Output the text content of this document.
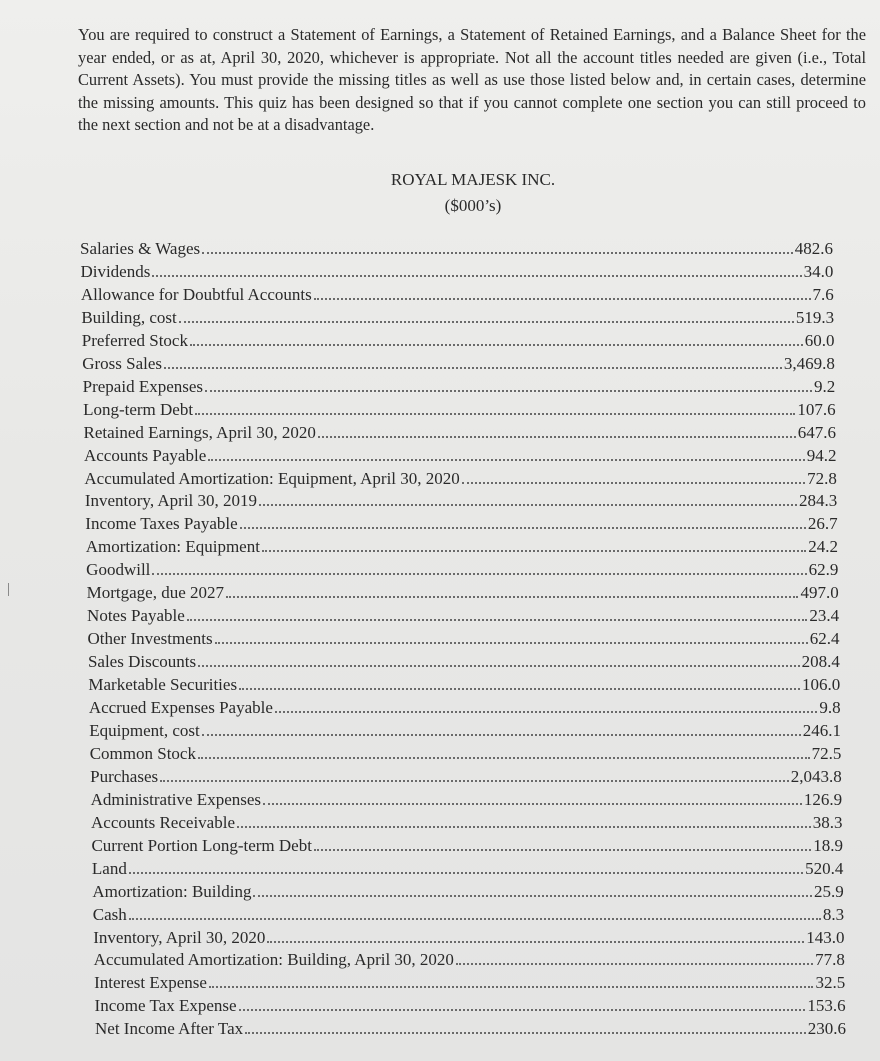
You are required to construct a Statement of Earnings, a Statement of Retained Earnings, and a Balance Sheet for the year ended, or as at, April 30, 2020, whichever is appropriate. Not all the account titles needed are given (i.e., Total Current Assets). You must provide the missing titles as well as use those listed below and, in certain cases, determine the missing amounts. This quiz has been designed so that if you cannot complete one section you can still proceed to the next section and not be at a disadvantage.

ROYAL MAJESK INC.
($000’s)
Salaries & Wages	482.6
Dividends	34.0
Allowance for Doubtful Accounts	7.6
Building, cost	519.3
Preferred Stock	60.0
Gross Sales	3,469.8
Prepaid Expenses	9.2
Long-term Debt	107.6
Retained Earnings, April 30, 2020	647.6
Accounts Payable	94.2
Accumulated Amortization: Equipment, April 30, 2020	72.8
Inventory, April 30, 2019	284.3
Income Taxes Payable	26.7
Amortization: Equipment	24.2
Goodwill	62.9
Mortgage, due 2027	497.0
Notes Payable	23.4
Other Investments	62.4
Sales Discounts	208.4
Marketable Securities	106.0
Accrued Expenses Payable	9.8
Equipment, cost	246.1
Common Stock	72.5
Purchases	2,043.8
Administrative Expenses	126.9
Accounts Receivable	38.3
Current Portion Long-term Debt	18.9
Land	520.4
Amortization: Building	25.9
Cash	8.3
Inventory, April 30, 2020	143.0
Accumulated Amortization: Building, April 30, 2020	77.8
Interest Expense	32.5
Income Tax Expense	153.6
Net Income After Tax	230.6
